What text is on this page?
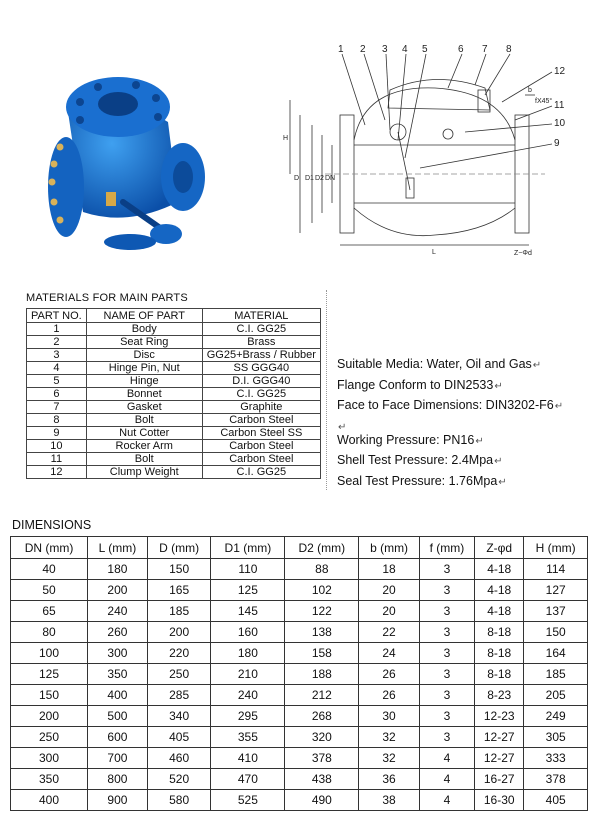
1 2 3 4 5	6 7 8
12
11
10
9
H
D D1 D2 DN
L	Z−Φd
b
fX45°
MATERIALS FOR MAIN PARTS
PART NO.	NAME OF PART	MATERIAL
1	Body	C.I. GG25
2	Seat Ring	Brass
3	Disc	GG25+Brass / Rubber
4	Hinge Pin, Nut	SS GGG40
5	Hinge	D.I. GGG40
6	Bonnet	C.I. GG25
7	Gasket	Graphite
8	Bolt	Carbon Steel
9	Nut Cotter	Carbon Steel SS
10	Rocker Arm	Carbon Steel
11	Bolt	Carbon Steel
12	Clump Weight	C.I. GG25
Suitable Media: Water, Oil and Gas↵
Flange Conform to DIN2533↵
Face to Face Dimensions: DIN3202-F6↵
↵
Working Pressure: PN16↵
Shell Test Pressure: 2.4Mpa↵
Seal Test Pressure: 1.76Mpa↵
DIMENSIONS
DN (mm)	L (mm)	D (mm)	D1 (mm)	D2 (mm)	b (mm)	f (mm)	Z-φd	H (mm)
40	180	150	110	88	18	3	4-18	114
50	200	165	125	102	20	3	4-18	127
65	240	185	145	122	20	3	4-18	137
80	260	200	160	138	22	3	8-18	150
100	300	220	180	158	24	3	8-18	164
125	350	250	210	188	26	3	8-18	185
150	400	285	240	212	26	3	8-23	205
200	500	340	295	268	30	3	12-23	249
250	600	405	355	320	32	3	12-27	305
300	700	460	410	378	32	4	12-27	333
350	800	520	470	438	36	4	16-27	378
400	900	580	525	490	38	4	16-30	405
